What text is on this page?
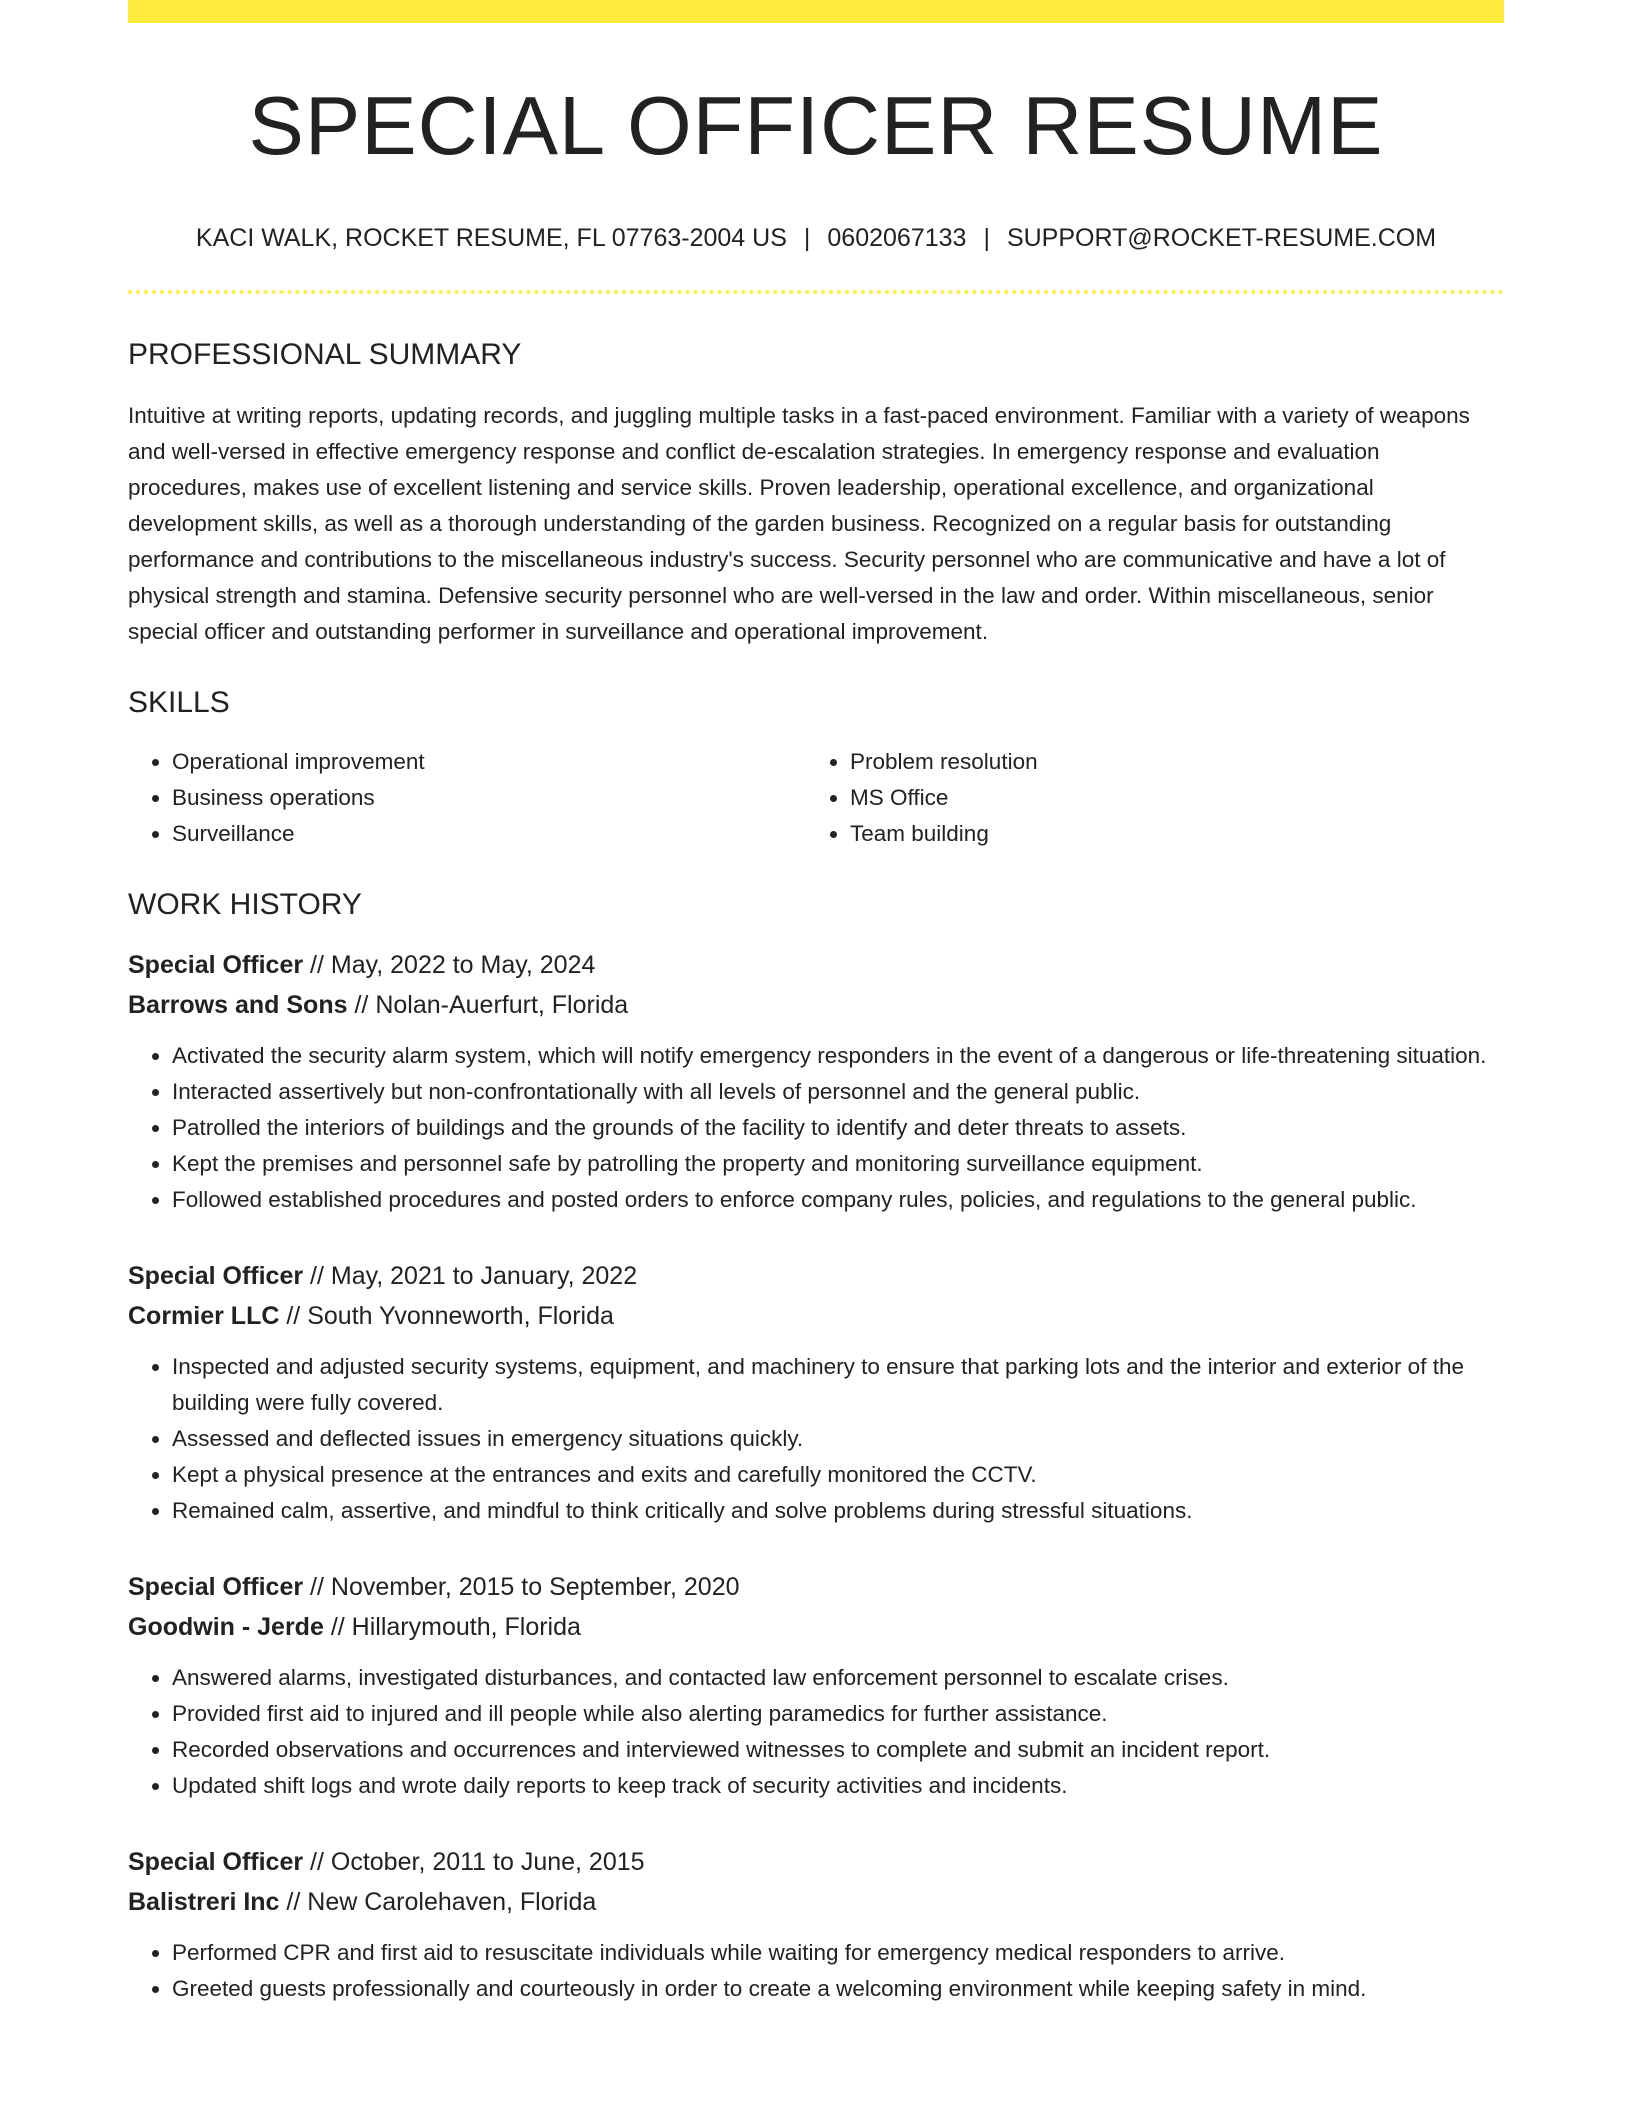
SPECIAL OFFICER RESUME
KACI WALK, ROCKET RESUME, FL 07763-2004 US | 0602067133 | SUPPORT@ROCKET-RESUME.COM
PROFESSIONAL SUMMARY
Intuitive at writing reports, updating records, and juggling multiple tasks in a fast-paced environment. Familiar with a variety of weapons and well-versed in effective emergency response and conflict de-escalation strategies. In emergency response and evaluation procedures, makes use of excellent listening and service skills. Proven leadership, operational excellence, and organizational development skills, as well as a thorough understanding of the garden business. Recognized on a regular basis for outstanding performance and contributions to the miscellaneous industry's success. Security personnel who are communicative and have a lot of physical strength and stamina. Defensive security personnel who are well-versed in the law and order. Within miscellaneous, senior special officer and outstanding performer in surveillance and operational improvement.
SKILLS
• Operational improvement
• Business operations
• Surveillance
• Problem resolution
• MS Office
• Team building
WORK HISTORY
Special Officer // May, 2022 to May, 2024
Barrows and Sons // Nolan-Auerfurt, Florida
• Activated the security alarm system, which will notify emergency responders in the event of a dangerous or life-threatening situation.
• Interacted assertively but non-confrontationally with all levels of personnel and the general public.
• Patrolled the interiors of buildings and the grounds of the facility to identify and deter threats to assets.
• Kept the premises and personnel safe by patrolling the property and monitoring surveillance equipment.
• Followed established procedures and posted orders to enforce company rules, policies, and regulations to the general public.
Special Officer // May, 2021 to January, 2022
Cormier LLC // South Yvonneworth, Florida
• Inspected and adjusted security systems, equipment, and machinery to ensure that parking lots and the interior and exterior of the building were fully covered.
• Assessed and deflected issues in emergency situations quickly.
• Kept a physical presence at the entrances and exits and carefully monitored the CCTV.
• Remained calm, assertive, and mindful to think critically and solve problems during stressful situations.
Special Officer // November, 2015 to September, 2020
Goodwin - Jerde // Hillarymouth, Florida
• Answered alarms, investigated disturbances, and contacted law enforcement personnel to escalate crises.
• Provided first aid to injured and ill people while also alerting paramedics for further assistance.
• Recorded observations and occurrences and interviewed witnesses to complete and submit an incident report.
• Updated shift logs and wrote daily reports to keep track of security activities and incidents.
Special Officer // October, 2011 to June, 2015
Balistreri Inc // New Carolehaven, Florida
• Performed CPR and first aid to resuscitate individuals while waiting for emergency medical responders to arrive.
• Greeted guests professionally and courteously in order to create a welcoming environment while keeping safety in mind.
